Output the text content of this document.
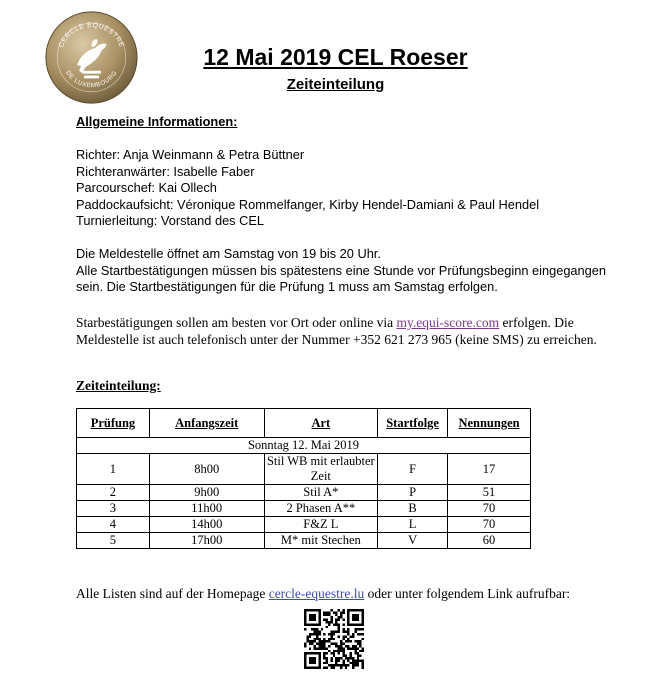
CERCLE EQUESTRE
DE LUXEMBOURG
12 Mai 2019 CEL Roeser
Zeiteinteilung

Allgemeine Informationen:

Richter: Anja Weinmann & Petra Büttner

Richteranwärter: Isabelle Faber

Parcourschef: Kai Ollech

Paddockaufsicht: Véronique Rommelfanger, Kirby Hendel-Damiani & Paul Hendel

Turnierleitung: Vorstand des CEL

Die Meldestelle öffnet am Samstag von 19 bis 20 Uhr.

Alle Startbestätigungen müssen bis spätestens eine Stunde vor Prüfungsbeginn eingegangen sein. Die Startbestätigungen für die Prüfung 1 muss am Samstag erfolgen.

Starbestätigungen sollen am besten vor Ort oder online via my.equi-score.com erfolgen. Die Meldestelle ist auch telefonisch unter der Nummer +352 621 273 965 (keine SMS) zu erreichen.

Zeiteinteilung:

Prüfung	Anfangszeit	Art	Startfolge	Nennungen
Sonntag 12. Mai 2019				
1	8h00	Stil WB mit erlaubter Zeit	F	17
2	9h00	Stil A*	P	51
3	11h00	2 Phasen A**	B	70
4	14h00	F&Z L	L	70
5	17h00	M* mit Stechen	V	60

Alle Listen sind auf der Homepage cercle-equestre.lu oder unter folgendem Link aufrufbar:
